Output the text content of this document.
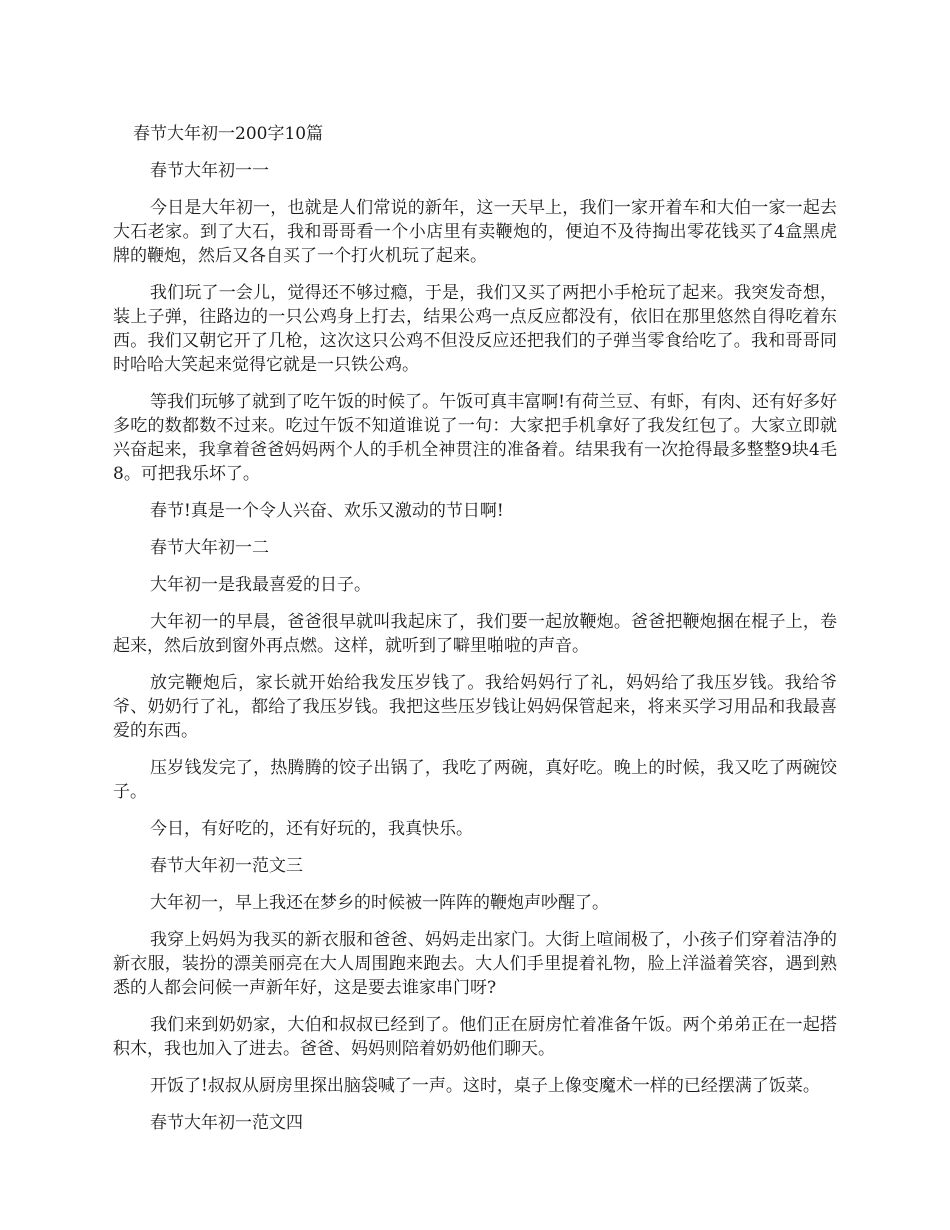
春节大年初一200字10篇
春节大年初一一

今日是大年初一，也就是人们常说的新年，这一天早上，我们一家开着车和大伯一家一起去大石老家。到了大石，我和哥哥看一个小店里有卖鞭炮的，便迫不及待掏出零花钱买了4盒黑虎牌的鞭炮，然后又各自买了一个打火机玩了起来。

我们玩了一会儿，觉得还不够过瘾，于是，我们又买了两把小手枪玩了起来。我突发奇想，装上子弹，往路边的一只公鸡身上打去，结果公鸡一点反应都没有，依旧在那里悠然自得吃着东西。我们又朝它开了几枪，这次这只公鸡不但没反应还把我们的子弹当零食给吃了。我和哥哥同时哈哈大笑起来觉得它就是一只铁公鸡。

等我们玩够了就到了吃午饭的时候了。午饭可真丰富啊!有荷兰豆、有虾，有肉、还有好多好多吃的数都数不过来。吃过午饭不知道谁说了一句：大家把手机拿好了我发红包了。大家立即就兴奋起来，我拿着爸爸妈妈两个人的手机全神贯注的准备着。结果我有一次抢得最多整整9块4毛8。可把我乐坏了。

春节!真是一个令人兴奋、欢乐又激动的节日啊!

春节大年初一二

大年初一是我最喜爱的日子。

大年初一的早晨，爸爸很早就叫我起床了，我们要一起放鞭炮。爸爸把鞭炮捆在棍子上，卷起来，然后放到窗外再点燃。这样，就听到了噼里啪啦的声音。

放完鞭炮后，家长就开始给我发压岁钱了。我给妈妈行了礼，妈妈给了我压岁钱。我给爷爷、奶奶行了礼，都给了我压岁钱。我把这些压岁钱让妈妈保管起来，将来买学习用品和我最喜爱的东西。

压岁钱发完了，热腾腾的饺子出锅了，我吃了两碗，真好吃。晚上的时候，我又吃了两碗饺子。

今日，有好吃的，还有好玩的，我真快乐。

春节大年初一范文三

大年初一，早上我还在梦乡的时候被一阵阵的鞭炮声吵醒了。

我穿上妈妈为我买的新衣服和爸爸、妈妈走出家门。大街上喧闹极了，小孩子们穿着洁净的新衣服，装扮的漂美丽亮在大人周围跑来跑去。大人们手里提着礼物，脸上洋溢着笑容，遇到熟悉的人都会问候一声新年好，这是要去谁家串门呀?

我们来到奶奶家，大伯和叔叔已经到了。他们正在厨房忙着准备午饭。两个弟弟正在一起搭积木，我也加入了进去。爸爸、妈妈则陪着奶奶他们聊天。

开饭了!叔叔从厨房里探出脑袋喊了一声。这时，桌子上像变魔术一样的已经摆满了饭菜。

春节大年初一范文四
